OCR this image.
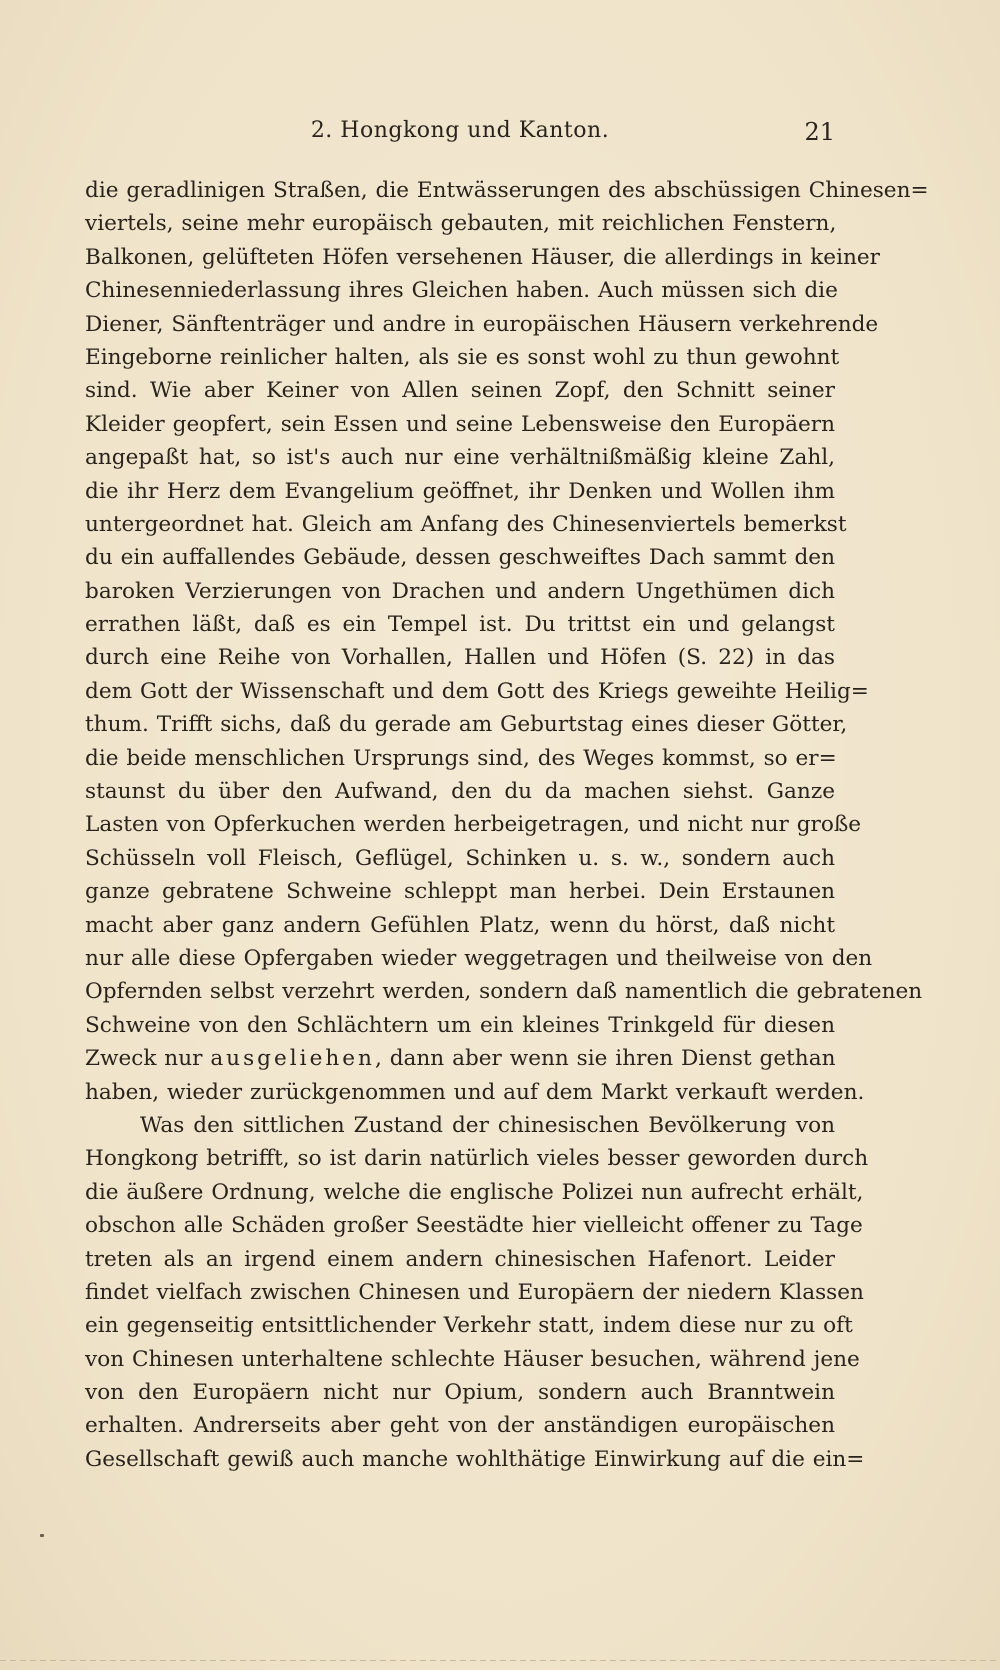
2. Hongkong und Kanton.	21
die geradlinigen Straßen, die Entwässerungen des abschüssigen Chinesen=
viertels, seine mehr europäisch gebauten, mit reichlichen Fenstern,
Balkonen, gelüfteten Höfen versehenen Häuser, die allerdings in keiner
Chinesenniederlassung ihres Gleichen haben. Auch müssen sich die
Diener, Sänftenträger und andre in europäischen Häusern verkehrende
Eingeborne reinlicher halten, als sie es sonst wohl zu thun gewohnt
sind. Wie aber Keiner von Allen seinen Zopf, den Schnitt seiner
Kleider geopfert, sein Essen und seine Lebensweise den Europäern
angepaßt hat, so ist's auch nur eine verhältnißmäßig kleine Zahl,
die ihr Herz dem Evangelium geöffnet, ihr Denken und Wollen ihm
untergeordnet hat. Gleich am Anfang des Chinesenviertels bemerkst
du ein auffallendes Gebäude, dessen geschweiftes Dach sammt den
baroken Verzierungen von Drachen und andern Ungethümen dich
errathen läßt, daß es ein Tempel ist. Du trittst ein und gelangst
durch eine Reihe von Vorhallen, Hallen und Höfen (S. 22) in das
dem Gott der Wissenschaft und dem Gott des Kriegs geweihte Heilig=
thum. Trifft sichs, daß du gerade am Geburtstag eines dieser Götter,
die beide menschlichen Ursprungs sind, des Weges kommst, so er=
staunst du über den Aufwand, den du da machen siehst. Ganze
Lasten von Opferkuchen werden herbeigetragen, und nicht nur große
Schüsseln voll Fleisch, Geflügel, Schinken u. s. w., sondern auch
ganze gebratene Schweine schleppt man herbei. Dein Erstaunen
macht aber ganz andern Gefühlen Platz, wenn du hörst, daß nicht
nur alle diese Opfergaben wieder weggetragen und theilweise von den
Opfernden selbst verzehrt werden, sondern daß namentlich die gebratenen
Schweine von den Schlächtern um ein kleines Trinkgeld für diesen
Zweck nur ausgeliehen, dann aber wenn sie ihren Dienst gethan
haben, wieder zurückgenommen und auf dem Markt verkauft werden.
Was den sittlichen Zustand der chinesischen Bevölkerung von
Hongkong betrifft, so ist darin natürlich vieles besser geworden durch
die äußere Ordnung, welche die englische Polizei nun aufrecht erhält,
obschon alle Schäden großer Seestädte hier vielleicht offener zu Tage
treten als an irgend einem andern chinesischen Hafenort. Leider
findet vielfach zwischen Chinesen und Europäern der niedern Klassen
ein gegenseitig entsittlichender Verkehr statt, indem diese nur zu oft
von Chinesen unterhaltene schlechte Häuser besuchen, während jene
von den Europäern nicht nur Opium, sondern auch Branntwein
erhalten. Andrerseits aber geht von der anständigen europäischen
Gesellschaft gewiß auch manche wohlthätige Einwirkung auf die ein=
